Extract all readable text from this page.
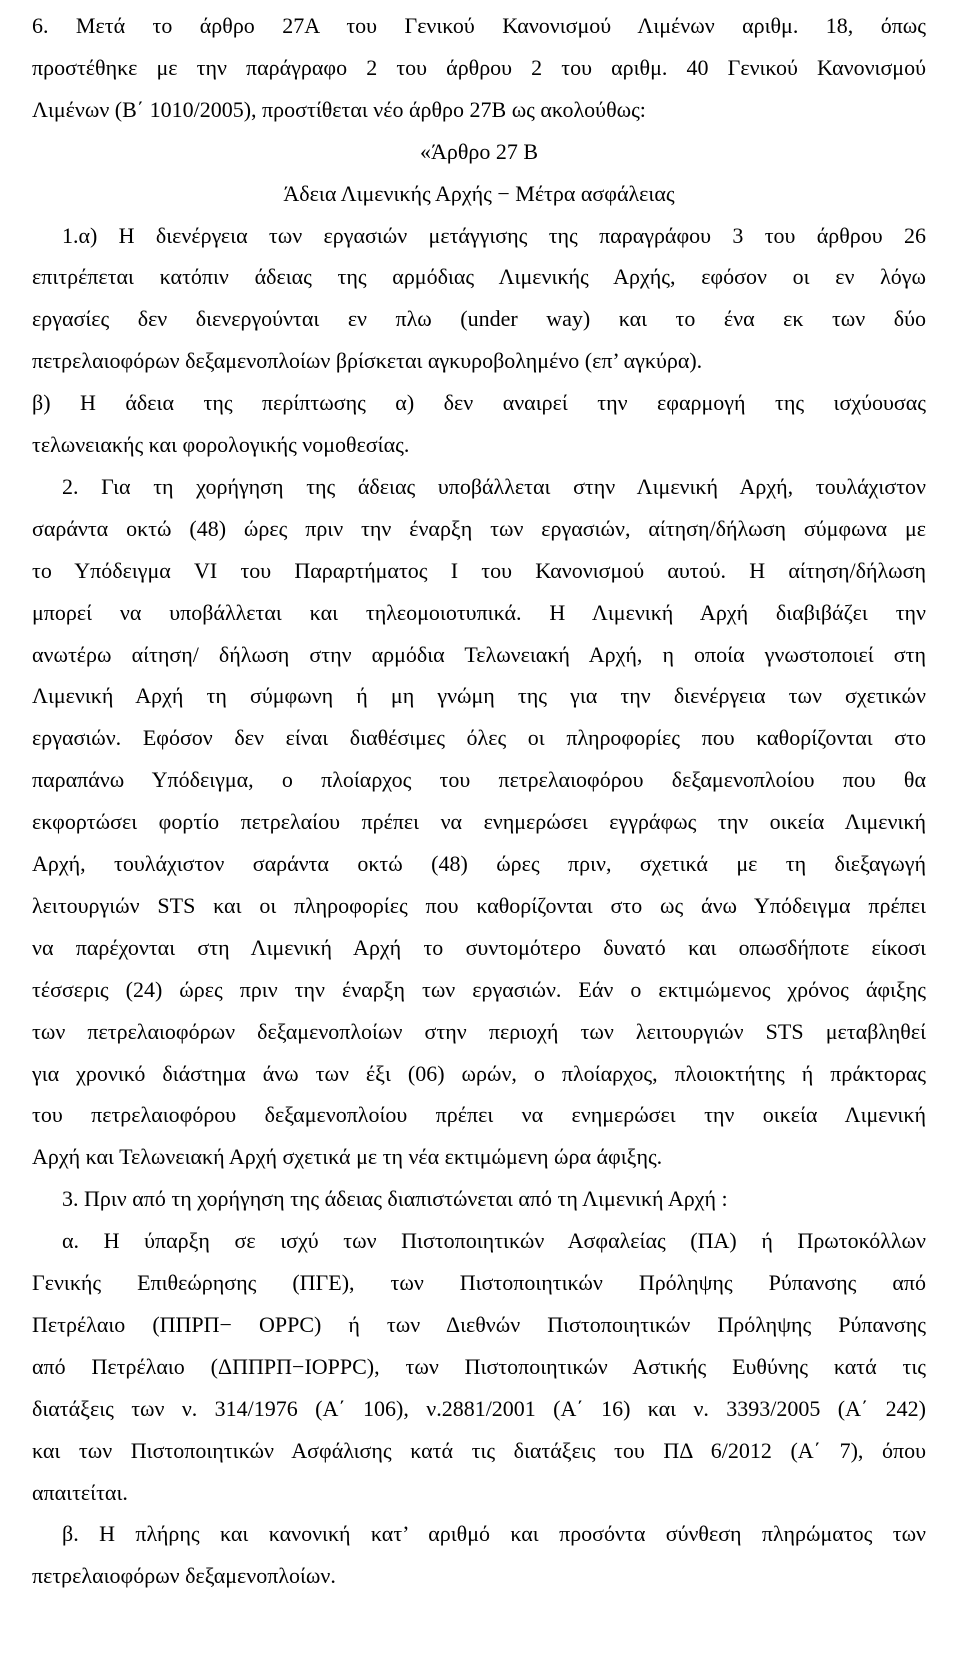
6. Μετά το άρθρο 27Α του Γενικού Κανονισμού Λιμένων αριθμ. 18, όπως
προστέθηκε με την παράγραφο 2 του άρθρου 2 του αριθμ. 40 Γενικού Κανονισμού
Λιμένων (Β΄ 1010/2005), προστίθεται νέο άρθρο 27Β ως ακολούθως:
«Άρθρο 27 Β
Άδεια Λιμενικής Αρχής − Μέτρα ασφάλειας
1.α) Η διενέργεια των εργασιών μετάγγισης της παραγράφου 3 του άρθρου 26
επιτρέπεται κατόπιν άδειας της αρμόδιας Λιμενικής Αρχής, εφόσον οι εν λόγω
εργασίες δεν διενεργούνται εν πλω (under way) και το ένα εκ των δύο
πετρελαιοφόρων δεξαμενοπλοίων βρίσκεται αγκυροβολημένο (επ’ αγκύρα).
β) Η άδεια της περίπτωσης α) δεν αναιρεί την εφαρμογή της ισχύουσας
τελωνειακής και φορολογικής νομοθεσίας.
2. Για τη χορήγηση της άδειας υποβάλλεται στην Λιμενική Αρχή, τουλάχιστον
σαράντα οκτώ (48) ώρες πριν την έναρξη των εργασιών, αίτηση/δήλωση σύμφωνα με
το Υπόδειγμα VI του Παραρτήματος Ι του Κανονισμού αυτού. Η αίτηση/δήλωση
μπορεί να υποβάλλεται και τηλεομοιοτυπικά. Η Λιμενική Αρχή διαβιβάζει την
ανωτέρω αίτηση/ δήλωση στην αρμόδια Τελωνειακή Αρχή, η οποία γνωστοποιεί στη
Λιμενική Αρχή τη σύμφωνη ή μη γνώμη της για την διενέργεια των σχετικών
εργασιών. Εφόσον δεν είναι διαθέσιμες όλες οι πληροφορίες που καθορίζονται στο
παραπάνω Υπόδειγμα, ο πλοίαρχος του πετρελαιοφόρου δεξαμενοπλοίου που θα
εκφορτώσει φορτίο πετρελαίου πρέπει να ενημερώσει εγγράφως την οικεία Λιμενική
Αρχή, τουλάχιστον σαράντα οκτώ (48) ώρες πριν, σχετικά με τη διεξαγωγή
λειτουργιών STS και οι πληροφορίες που καθορίζονται στο ως άνω Υπόδειγμα πρέπει
να παρέχονται στη Λιμενική Αρχή το συντομότερο δυνατό και οπωσδήποτε είκοσι
τέσσερις (24) ώρες πριν την έναρξη των εργασιών. Εάν ο εκτιμώμενος χρόνος άφιξης
των πετρελαιοφόρων δεξαμενοπλοίων στην περιοχή των λειτουργιών STS μεταβληθεί
για χρονικό διάστημα άνω των έξι (06) ωρών, ο πλοίαρχος, πλοιοκτήτης ή πράκτορας
του πετρελαιοφόρου δεξαμενοπλοίου πρέπει να ενημερώσει την οικεία Λιμενική
Αρχή και Τελωνειακή Αρχή σχετικά με τη νέα εκτιμώμενη ώρα άφιξης.
3. Πριν από τη χορήγηση της άδειας διαπιστώνεται από τη Λιμενική Αρχή :
α. Η ύπαρξη σε ισχύ των Πιστοποιητικών Ασφαλείας (ΠΑ) ή Πρωτοκόλλων
Γενικής Επιθεώρησης (ΠΓΕ), των Πιστοποιητικών Πρόληψης Ρύπανσης από
Πετρέλαιο (ΠΠΡΠ− ΟΡΡC) ή των Διεθνών Πιστοποιητικών Πρόληψης Ρύπανσης
από Πετρέλαιο (ΔΠΠΡΠ−ΙΟΡΡC), των Πιστοποιητικών Αστικής Ευθύνης κατά τις
διατάξεις των ν. 314/1976 (Α΄ 106), ν.2881/2001 (Α΄ 16) και ν. 3393/2005 (Α΄ 242)
και των Πιστοποιητικών Ασφάλισης κατά τις διατάξεις του ΠΔ 6/2012 (Α΄ 7), όπου
απαιτείται.
β. Η πλήρης και κανονική κατ’ αριθμό και προσόντα σύνθεση πληρώματος των
πετρελαιοφόρων δεξαμενοπλοίων.
